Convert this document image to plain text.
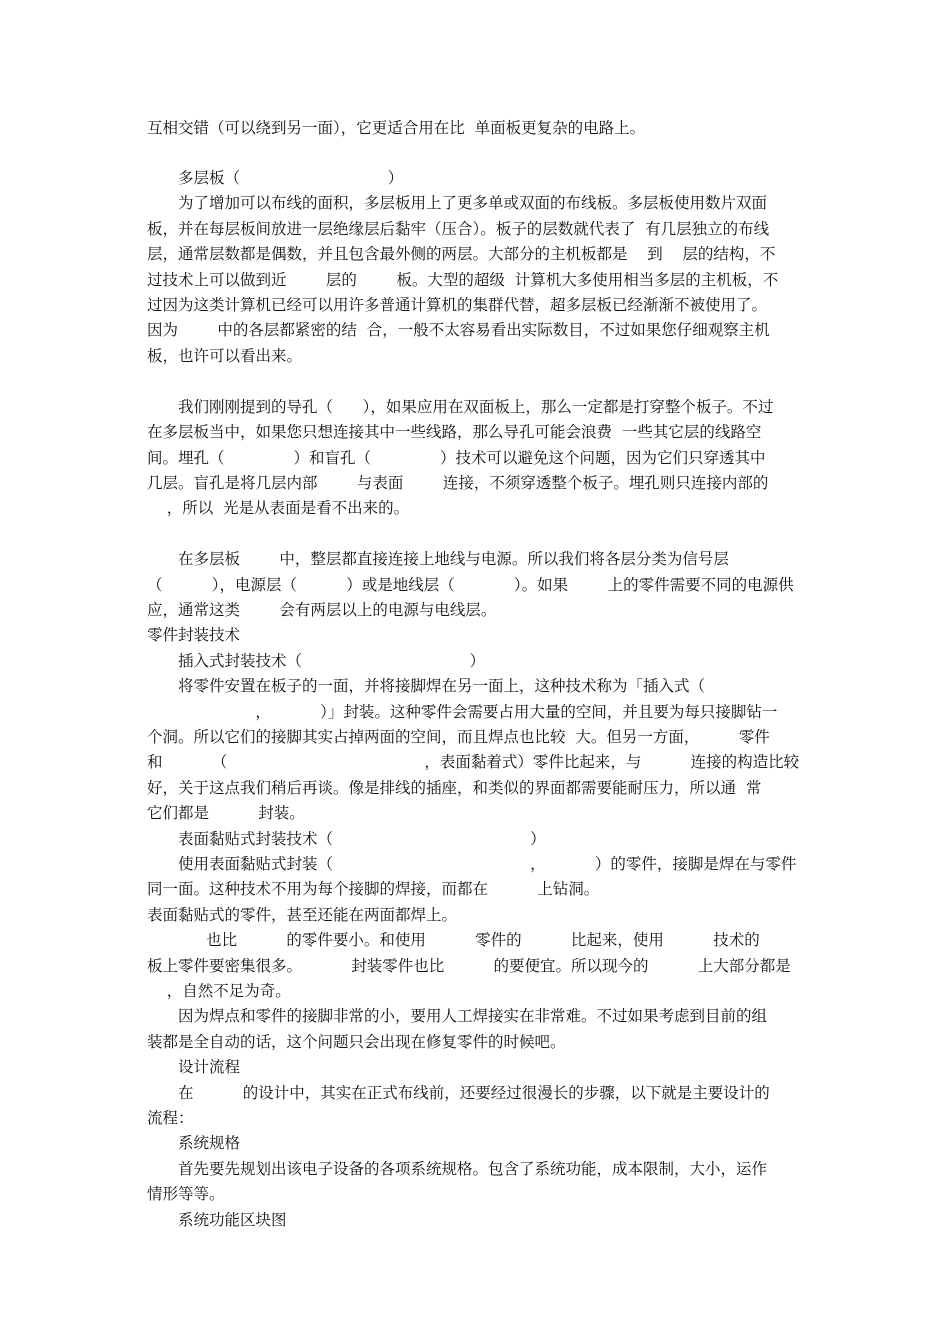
互相交错（可以绕到另一面），它更适合用在比  单面板更复杂的电路上。
多层板（                              ）
为了增加可以布线的面积，多层板用上了更多单或双面的布线板。多层板使用数片双面
板，并在每层板间放进一层绝缘层后黏牢（压合）。板子的层数就代表了  有几层独立的布线
层，通常层数都是偶数，并且包含最外侧的两层。大部分的主机板都是    到    层的结构，不
过技术上可以做到近        层的        板。大型的超级  计算机大多使用相当多层的主机板，不
过因为这类计算机已经可以用许多普通计算机的集群代替，超多层板已经渐渐不被使用了。
因为        中的各层都紧密的结  合，一般不太容易看出实际数目，不过如果您仔细观察主机
板，也许可以看出来。
我们刚刚提到的导孔（      ），如果应用在双面板上，那么一定都是打穿整个板子。不过
在多层板当中，如果您只想连接其中一些线路，那么导孔可能会浪费  一些其它层的线路空
间。埋孔（              ）和盲孔（              ）技术可以避免这个问题，因为它们只穿透其中
几层。盲孔是将几层内部        与表面        连接，不须穿透整个板子。埋孔则只连接内部的
，所以  光是从表面是看不出来的。
在多层板        中，整层都直接连接上地线与电源。所以我们将各层分类为信号层
（          ），电源层（          ）或是地线层（            ）。如果        上的零件需要不同的电源供
应，通常这类        会有两层以上的电源与电线层。
零件封装技术
插入式封装技术（                                  ）
将零件安置在板子的一面，并将接脚焊在另一面上，这种技术称为「插入式（
，          ）」封装。这种零件会需要占用大量的空间，并且要为每只接脚钻一
个洞。所以它们的接脚其实占掉两面的空间，而且焊点也比较  大。但另一方面，        零件
和          （                                        ，表面黏着式）零件比起来，与          连接的构造比较
好，关于这点我们稍后再谈。像是排线的插座，和类似的界面都需要能耐压力，所以通  常
它们都是          封装。
表面黏贴式封装技术（                                        ）
使用表面黏贴式封装（                                        ，          ）的零件，接脚是焊在与零件
同一面。这种技术不用为每个接脚的焊接，而都在          上钻洞。
表面黏贴式的零件，甚至还能在两面都焊上。
也比          的零件要小。和使用          零件的          比起来，使用          技术的
板上零件要密集很多。          封装零件也比          的要便宜。所以现今的          上大部分都是
，自然不足为奇。
因为焊点和零件的接脚非常的小，要用人工焊接实在非常难。不过如果考虑到目前的组
装都是全自动的话，这个问题只会出现在修复零件的时候吧。
设计流程
在          的设计中，其实在正式布线前，还要经过很漫长的步骤，以下就是主要设计的
流程：
系统规格
首先要先规划出该电子设备的各项系统规格。包含了系统功能，成本限制，大小，运作
情形等等。
系统功能区块图
